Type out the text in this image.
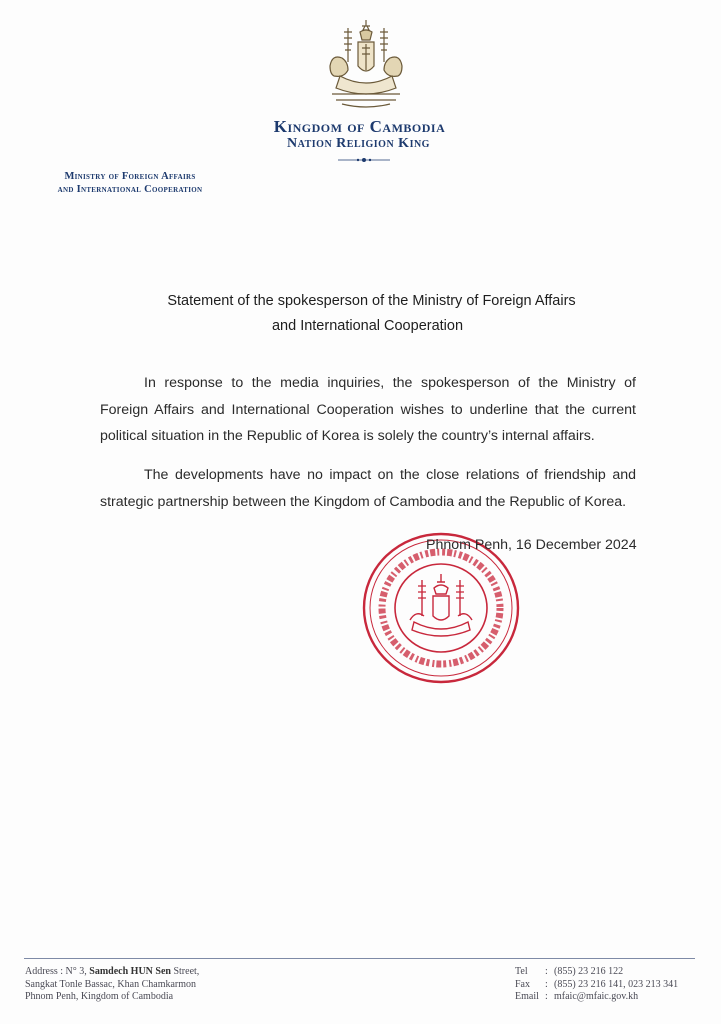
Kingdom of Cambodia
Nation Religion King
Ministry of Foreign Affairs
and International Cooperation
Statement of the spokesperson of the Ministry of Foreign Affairs
and International Cooperation
In response to the media inquiries, the spokesperson of the Ministry of Foreign Affairs and International Cooperation wishes to underline that the current political situation in the Republic of Korea is solely the country’s internal affairs.
The developments have no impact on the close relations of friendship and strategic partnership between the Kingdom of Cambodia and the Republic of Korea.
Phnom Penh, 16 December 2024
Address : N° 3, Samdech HUN Sen Street,
Sangkat Tonle Bassac, Khan Chamkarmon
Phnom Penh, Kingdom of Cambodia
Tel	: (855) 23 216 122
Fax	: (855) 23 216 141, 023 213 341
Email : mfaic@mfaic.gov.kh
